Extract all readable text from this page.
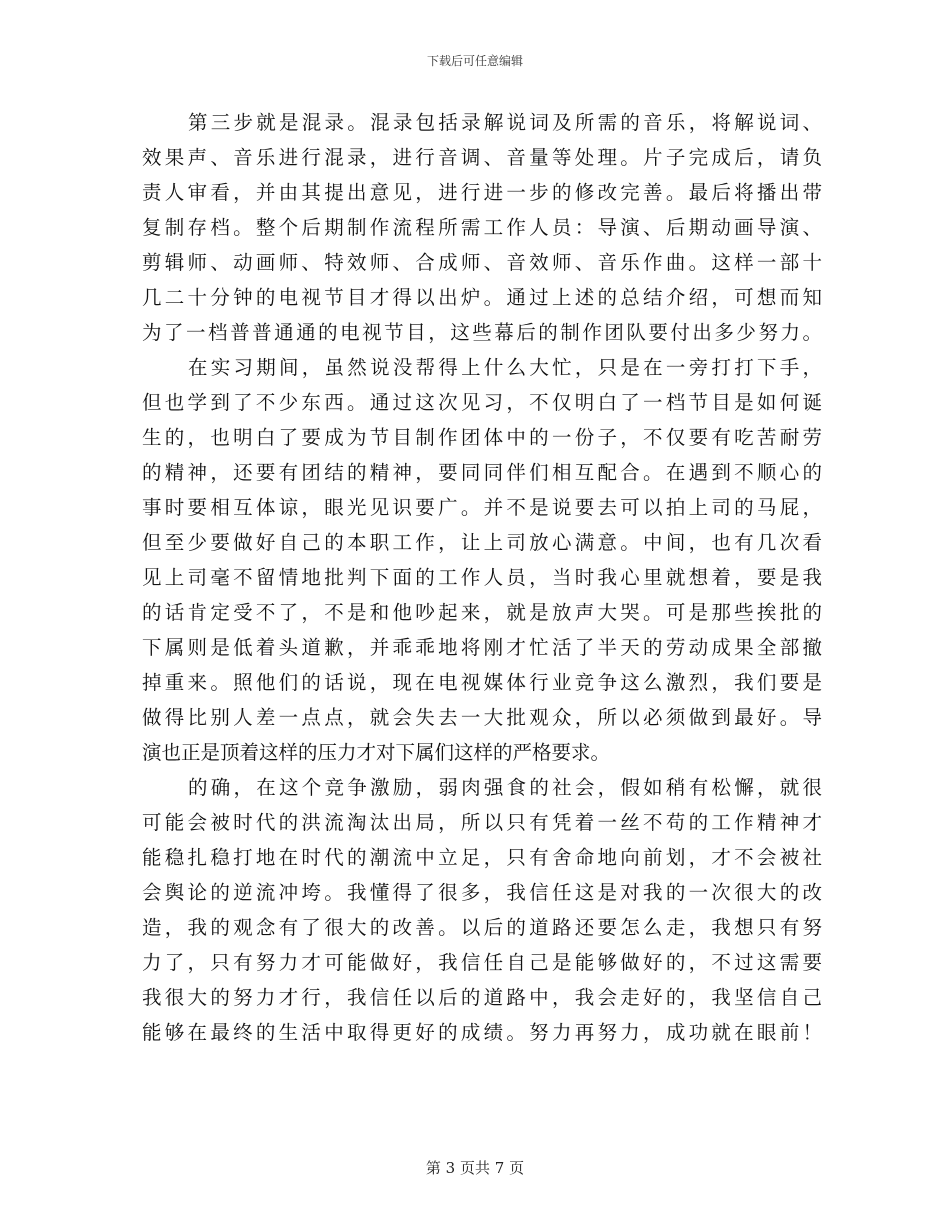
下载后可任意编辑
第三步就是混录。混录包括录解说词及所需的音乐，将解说词、
效果声、音乐进行混录，进行音调、音量等处理。片子完成后，请负
责人审看，并由其提出意见，进行进一步的修改完善。最后将播出带
复制存档。整个后期制作流程所需工作人员：导演、后期动画导演、
剪辑师、动画师、特效师、合成师、音效师、音乐作曲。这样一部十
几二十分钟的电视节目才得以出炉。通过上述的总结介绍，可想而知
为了一档普普通通的电视节目，这些幕后的制作团队要付出多少努力。
在实习期间，虽然说没帮得上什么大忙，只是在一旁打打下手，
但也学到了不少东西。通过这次见习，不仅明白了一档节目是如何诞
生的，也明白了要成为节目制作团体中的一份子，不仅要有吃苦耐劳
的精神，还要有团结的精神，要同同伴们相互配合。在遇到不顺心的
事时要相互体谅，眼光见识要广。并不是说要去可以拍上司的马屁，
但至少要做好自己的本职工作，让上司放心满意。中间，也有几次看
见上司毫不留情地批判下面的工作人员，当时我心里就想着，要是我
的话肯定受不了，不是和他吵起来，就是放声大哭。可是那些挨批的
下属则是低着头道歉，并乖乖地将刚才忙活了半天的劳动成果全部撤
掉重来。照他们的话说，现在电视媒体行业竞争这么激烈，我们要是
做得比别人差一点点，就会失去一大批观众，所以必须做到最好。导
演也正是顶着这样的压力才对下属们这样的严格要求。
的确，在这个竞争激励，弱肉强食的社会，假如稍有松懈，就很
可能会被时代的洪流淘汰出局，所以只有凭着一丝不苟的工作精神才
能稳扎稳打地在时代的潮流中立足，只有舍命地向前划，才不会被社
会舆论的逆流冲垮。我懂得了很多，我信任这是对我的一次很大的改
造，我的观念有了很大的改善。以后的道路还要怎么走，我想只有努
力了，只有努力才可能做好，我信任自己是能够做好的，不过这需要
我很大的努力才行，我信任以后的道路中，我会走好的，我坚信自己
能够在最终的生活中取得更好的成绩。努力再努力，成功就在眼前！
第 3 页共 7 页
